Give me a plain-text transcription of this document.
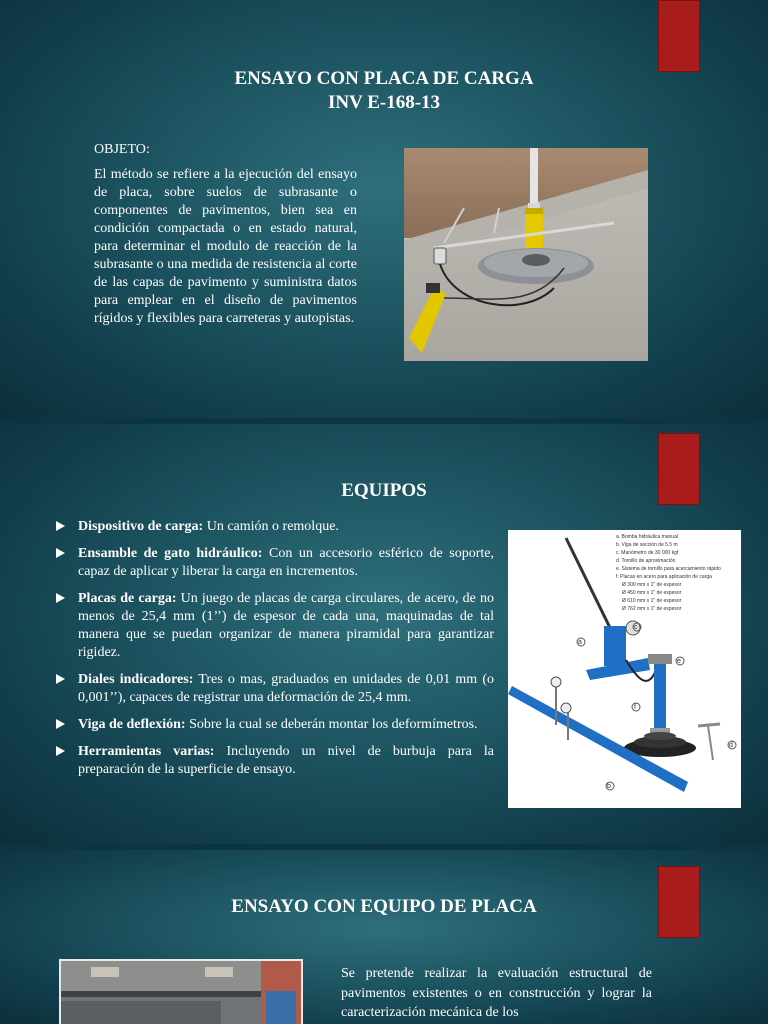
ENSAYO CON PLACA DE CARGA
INV E-168-13
OBJETO:
El método se refiere a la ejecución del ensayo de placa, sobre suelos de subrasante o componentes de pavimentos, bien sea en condición compactada o en estado natural, para determinar el modulo de reacción de la subrasante o una medida de resistencia al corte de las capas de pavimento y suministra datos para emplear en el diseño de pavimentos rígidos y flexibles para carreteras y autopistas.
EQUIPOS
Dispositivo de carga: Un camión o remolque.
Ensamble de gato hidráulico: Con un accesorio esférico de soporte, capaz de aplicar y liberar la carga en incrementos.
Placas de carga: Un juego de placas de carga circulares, de acero, de no menos de 25,4 mm (1’’) de espesor de cada una, maquinadas de tal manera que se puedan organizar de manera piramidal para garantizar rigidez.
Diales indicadores: Tres o mas, graduados en unidades de 0,01 mm (o 0,001’’), capaces de registrar una deformación de 25,4 mm.
Viga de deflexión: Sobre la cual se deberán montar los deformímetros.
Herramientas varias: Incluyendo un nivel de burbuja para la preparación de la superficie de ensayo.
a. Bomba hidráulica manual
b. Viga de sección de 5.5 m
c. Manómetro de 30 000 kgf
d. Tornillo de aproximación
e. Sistema de tornillo para acercamiento rápido
f. Placas en acero para aplicación de carga
Ø 300 mm x 1" de espesor
Ø 450 mm x 1" de espesor
Ø 610 mm x 1" de espesor
Ø 762 mm x 1" de espesor
a
c
e
f
d
b
ENSAYO CON EQUIPO DE PLACA
Se pretende realizar la evaluación estructural de pavimentos existentes o en construcción y lograr la caracterización mecánica de los
